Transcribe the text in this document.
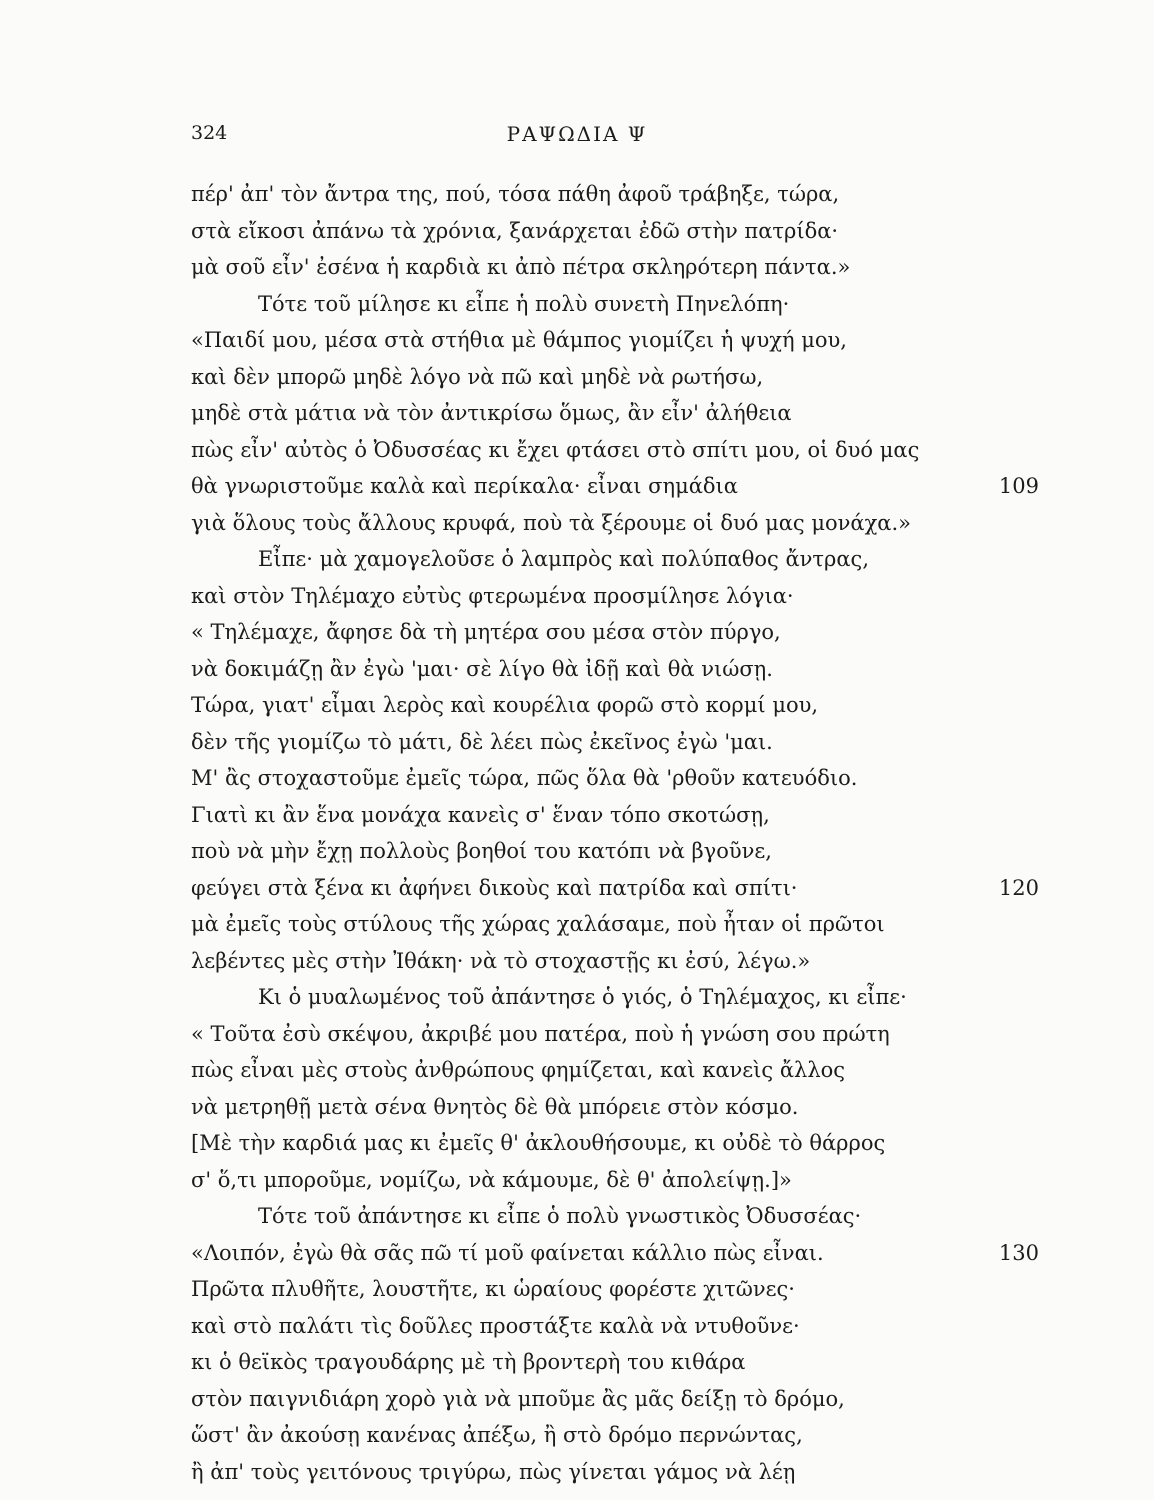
324	ΡΑΨΩΔΙΑ Ψ
πέρ' ἀπ' τὸν ἄντρα της, πού, τόσα πάθη ἀφοῦ τράβηξε, τώρα,
στὰ εἴκοσι ἀπάνω τὰ χρόνια, ξανάρχεται ἐδῶ στὴν πατρίδα·
μὰ σοῦ εἶν' ἐσένα ἡ καρδιὰ κι ἀπὸ πέτρα σκληρότερη πάντα.»
Τότε τοῦ μίλησε κι εἶπε ἡ πολὺ συνετὴ Πηνελόπη·
«Παιδί μου, μέσα στὰ στήθια μὲ θάμπος γιομίζει ἡ ψυχή μου,
καὶ δὲν μπορῶ μηδὲ λόγο νὰ πῶ καὶ μηδὲ νὰ ρωτήσω,
μηδὲ στὰ μάτια νὰ τὸν ἀντικρίσω ὅμως, ἂν εἶν' ἀλήθεια
πὼς εἶν' αὐτὸς ὁ Ὀδυσσέας κι ἔχει φτάσει στὸ σπίτι μου, οἱ δυό μας
θὰ γνωριστοῦμε καλὰ καὶ περίκαλα· εἶναι σημάδια	109
γιὰ ὅλους τοὺς ἄλλους κρυφά, ποὺ τὰ ξέρουμε οἱ δυό μας μονάχα.»
Εἶπε· μὰ χαμογελοῦσε ὁ λαμπρὸς καὶ πολύπαθος ἄντρας,
καὶ στὸν Τηλέμαχο εὐτὺς φτερωμένα προσμίλησε λόγια·
« Τηλέμαχε, ἄφησε δὰ τὴ μητέρα σου μέσα στὸν πύργο,
νὰ δοκιμάζῃ ἂν ἐγὼ 'μαι· σὲ λίγο θὰ ἰδῇ καὶ θὰ νιώσῃ.
Τώρα, γιατ' εἶμαι λερὸς καὶ κουρέλια φορῶ στὸ κορμί μου,
δὲν τῆς γιομίζω τὸ μάτι, δὲ λέει πὼς ἐκεῖνος ἐγὼ 'μαι.
Μ' ἂς στοχαστοῦμε ἐμεῖς τώρα, πῶς ὅλα θὰ 'ρθοῦν κατευόδιο.
Γιατὶ κι ἂν ἕνα μονάχα κανεὶς σ' ἕναν τόπο σκοτώσῃ,
ποὺ νὰ μὴν ἔχῃ πολλοὺς βοηθοί του κατόπι νὰ βγοῦνε,
φεύγει στὰ ξένα κι ἀφήνει δικοὺς καὶ πατρίδα καὶ σπίτι·	120
μὰ ἐμεῖς τοὺς στύλους τῆς χώρας χαλάσαμε, ποὺ ἦταν οἱ πρῶτοι
λεβέντες μὲς στὴν Ἰθάκη· νὰ τὸ στοχαστῇς κι ἐσύ, λέγω.»
Κι ὁ μυαλωμένος τοῦ ἀπάντησε ὁ γιός, ὁ Τηλέμαχος, κι εἶπε·
« Τοῦτα ἐσὺ σκέψου, ἀκριβέ μου πατέρα, ποὺ ἡ γνώση σου πρώτη
πὼς εἶναι μὲς στοὺς ἀνθρώπους φημίζεται, καὶ κανεὶς ἄλλος
νὰ μετρηθῇ μετὰ σένα θνητὸς δὲ θὰ μπόρειε στὸν κόσμο.
[Μὲ τὴν καρδιά μας κι ἐμεῖς θ' ἀκλουθήσουμε, κι οὐδὲ τὸ θάρρος
σ' ὅ,τι μποροῦμε, νομίζω, νὰ κάμουμε, δὲ θ' ἀπολείψῃ.]»
Τότε τοῦ ἀπάντησε κι εἶπε ὁ πολὺ γνωστικὸς Ὀδυσσέας·
«Λοιπόν, ἐγὼ θὰ σᾶς πῶ τί μοῦ φαίνεται κάλλιο πὼς εἶναι.	130
Πρῶτα πλυθῆτε, λουστῆτε, κι ὡραίους φορέστε χιτῶνες·
καὶ στὸ παλάτι τὶς δοῦλες προστάξτε καλὰ νὰ ντυθοῦνε·
κι ὁ θεϊκὸς τραγουδάρης μὲ τὴ βροντερὴ του κιθάρα
στὸν παιγνιδιάρη χορὸ γιὰ νὰ μποῦμε ἂς μᾶς δείξῃ τὸ δρόμο,
ὥστ' ἂν ἀκούσῃ κανένας ἀπέξω, ἢ στὸ δρόμο περνώντας,
ἢ ἀπ' τοὺς γειτόνους τριγύρω, πὼς γίνεται γάμος νὰ λέῃ
